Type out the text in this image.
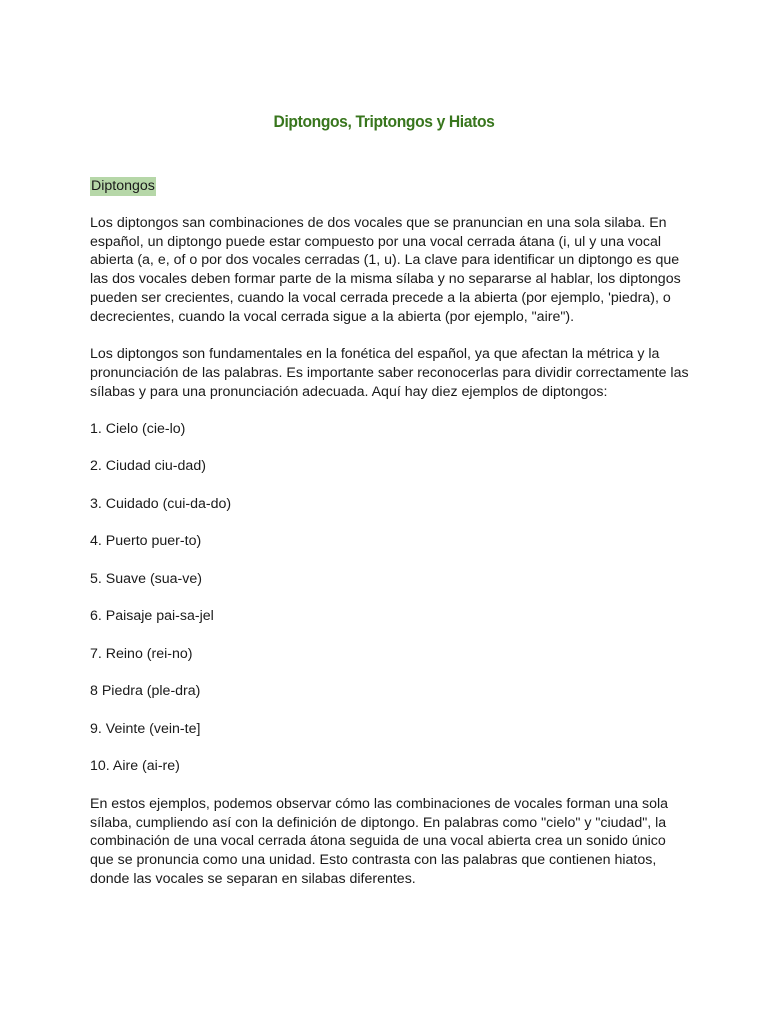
Diptongos, Triptongos y Hiatos
Diptongos

Los diptongos san combinaciones de dos vocales que se pranuncian en una sola silaba. En español, un diptongo puede estar compuesto por una vocal cerrada átana (i, ul y una vocal abierta (a, e, of o por dos vocales cerradas (1, u). La clave para identificar un diptongo es que las dos vocales deben formar parte de la misma sílaba y no separarse al hablar, los diptongos pueden ser crecientes, cuando la vocal cerrada precede a la abierta (por ejemplo, 'piedra), o decrecientes, cuando la vocal cerrada sigue a la abierta (por ejemplo, "aire").

Los diptongos son fundamentales en la fonética del español, ya que afectan la métrica y la pronunciación de las palabras. Es importante saber reconocerlas para dividir correctamente las sílabas y para una pronunciación adecuada. Aquí hay diez ejemplos de diptongos:

1. Cielo (cie-lo)
2. Ciudad ciu-dad)
3. Cuidado (cui-da-do)
4. Puerto puer-to)
5. Suave (sua-ve)
6. Paisaje pai-sa-jel
7. Reino (rei-no)
8 Piedra (ple-dra)
9. Veinte (vein-te]
10. Aire (ai-re)

En estos ejemplos, podemos observar cómo las combinaciones de vocales forman una sola sílaba, cumpliendo así con la definición de diptongo. En palabras como "cielo" y "ciudad", la combinación de una vocal cerrada átona seguida de una vocal abierta crea un sonido único que se pronuncia como una unidad. Esto contrasta con las palabras que contienen hiatos, donde las vocales se separan en silabas diferentes.
